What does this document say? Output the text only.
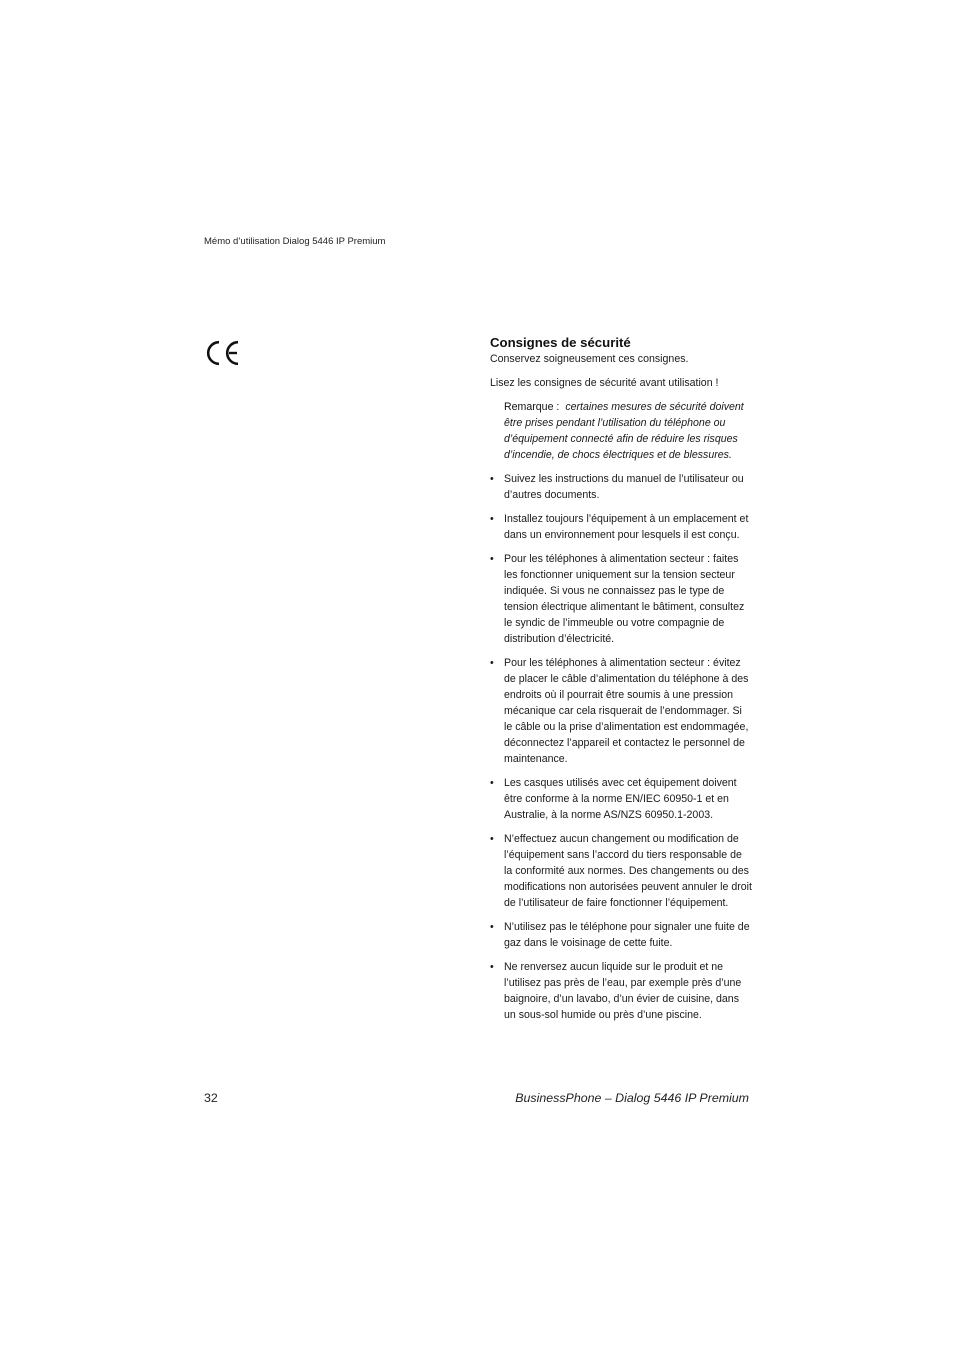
Mémo d’utilisation Dialog 5446 IP Premium
Consignes de sécurité

Conservez soigneusement ces consignes.

Lisez les consignes de sécurité avant utilisation !

Remarque : certaines mesures de sécurité doivent être prises pendant l’utilisation du téléphone ou d’équipement connecté afin de réduire les risques d’incendie, de chocs électriques et de blessures.

• Suivez les instructions du manuel de l’utilisateur ou d’autres documents.
• Installez toujours l’équipement à un emplacement et dans un environnement pour lesquels il est conçu.
• Pour les téléphones à alimentation secteur : faites les fonctionner uniquement sur la tension secteur indiquée. Si vous ne connaissez pas le type de tension électrique alimentant le bâtiment, consultez le syndic de l’immeuble ou votre compagnie de distribution d’électricité.
• Pour les téléphones à alimentation secteur : évitez de placer le câble d’alimentation du téléphone à des endroits où il pourrait être soumis à une pression mécanique car cela risquerait de l’endommager. Si le câble ou la prise d’alimentation est endommagée, déconnectez l’appareil et contactez le personnel de maintenance.
• Les casques utilisés avec cet équipement doivent être conforme à la norme EN/IEC 60950-1 et en Australie, à la norme AS/NZS 60950.1-2003.
• N’effectuez aucun changement ou modification de l’équipement sans l’accord du tiers responsable de la conformité aux normes. Des changements ou des modifications non autorisées peuvent annuler le droit de l’utilisateur de faire fonctionner l’équipement.
• N’utilisez pas le téléphone pour signaler une fuite de gaz dans le voisinage de cette fuite.
• Ne renversez aucun liquide sur le produit et ne l’utilisez pas près de l’eau, par exemple près d’une baignoire, d’un lavabo, d’un évier de cuisine, dans un sous-sol humide ou près d’une piscine.
32	BusinessPhone – Dialog 5446 IP Premium
